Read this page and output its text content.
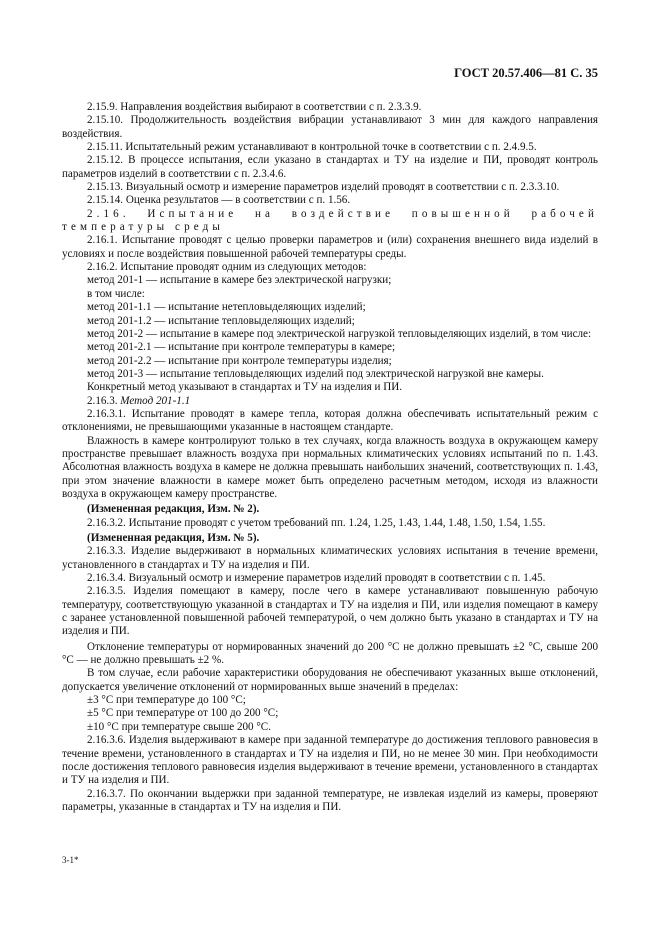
ГОСТ 20.57.406—81 С. 35

2.15.9. Направления воздействия выбирают в соответствии с п. 2.3.3.9.

2.15.10. Продолжительность воздействия вибрации устанавливают 3 мин для каждого направления воздействия.

2.15.11. Испытательный режим устанавливают в контрольной точке в соответствии с п. 2.4.9.5.

2.15.12. В процессе испытания, если указано в стандартах и ТУ на изделие и ПИ, проводят контроль параметров изделий в соответствии с п. 2.3.4.6.

2.15.13. Визуальный осмотр и измерение параметров изделий проводят в соответствии с п. 2.3.3.10.

2.15.14. Оценка результатов — в соответствии с п. 1.56.

2.16. Испытание на воздействие повышенной рабочей температуры среды

2.16.1. Испытание проводят с целью проверки параметров и (или) сохранения внешнего вида изделий в условиях и после воздействия повышенной рабочей температуры среды.

2.16.2. Испытание проводят одним из следующих методов:

метод 201-1 — испытание в камере без электрической нагрузки;

в том числе:

метод 201-1.1 — испытание нетепловыделяющих изделий;

метод 201-1.2 — испытание тепловыделяющих изделий;

метод 201-2 — испытание в камере под электрической нагрузкой тепловыделяющих изделий, в том числе:

метод 201-2.1 — испытание при контроле температуры в камере;

метод 201-2.2 — испытание при контроле температуры изделия;

метод 201-3 — испытание тепловыделяющих изделий под электрической нагрузкой вне камеры.

Конкретный метод указывают в стандартах и ТУ на изделия и ПИ.

2.16.3. Метод 201-1.1

2.16.3.1. Испытание проводят в камере тепла, которая должна обеспечивать испытательный режим с отклонениями, не превышающими указанные в настоящем стандарте.

Влажность в камере контролируют только в тех случаях, когда влажность воздуха в окружающем камеру пространстве превышает влажность воздуха при нормальных климатических условиях испытаний по п. 1.43. Абсолютная влажность воздуха в камере не должна превышать наибольших значений, соответствующих п. 1.43, при этом значение влажности в камере может быть определено расчетным методом, исходя из влажности воздуха в окружающем камеру пространстве.

(Измененная редакция, Изм. № 2).

2.16.3.2. Испытание проводят с учетом требований пп. 1.24, 1.25, 1.43, 1.44, 1.48, 1.50, 1.54, 1.55.

(Измененная редакция, Изм. № 5).

2.16.3.3. Изделие выдерживают в нормальных климатических условиях испытания в течение времени, установленного в стандартах и ТУ на изделия и ПИ.

2.16.3.4. Визуальный осмотр и измерение параметров изделий проводят в соответствии с п. 1.45.

2.16.3.5. Изделия помещают в камеру, после чего в камере устанавливают повышенную рабочую температуру, соответствующую указанной в стандартах и ТУ на изделия и ПИ, или изделия помещают в камеру с заранее установленной повышенной рабочей температурой, о чем должно быть указано в стандартах и ТУ на изделия и ПИ.

Отклонение температуры от нормированных значений до 200 °С не должно превышать ±2 °С, свыше 200 °С — не должно превышать ±2 %.

В том случае, если рабочие характеристики оборудования не обеспечивают указанных выше отклонений, допускается увеличение отклонений от нормированных выше значений в пределах:

±3 °С при температуре до 100 °С;

±5 °С при температуре от 100 до 200 °С;

±10 °С при температуре свыше 200 °С.

2.16.3.6. Изделия выдерживают в камере при заданной температуре до достижения теплового равновесия в течение времени, установленного в стандартах и ТУ на изделия и ПИ, но не менее 30 мин. При необходимости после достижения теплового равновесия изделия выдерживают в течение времени, установленного в стандартах и ТУ на изделия и ПИ.

2.16.3.7. По окончании выдержки при заданной температуре, не извлекая изделий из камеры, проверяют параметры, указанные в стандартах и ТУ на изделия и ПИ.

3-1*
